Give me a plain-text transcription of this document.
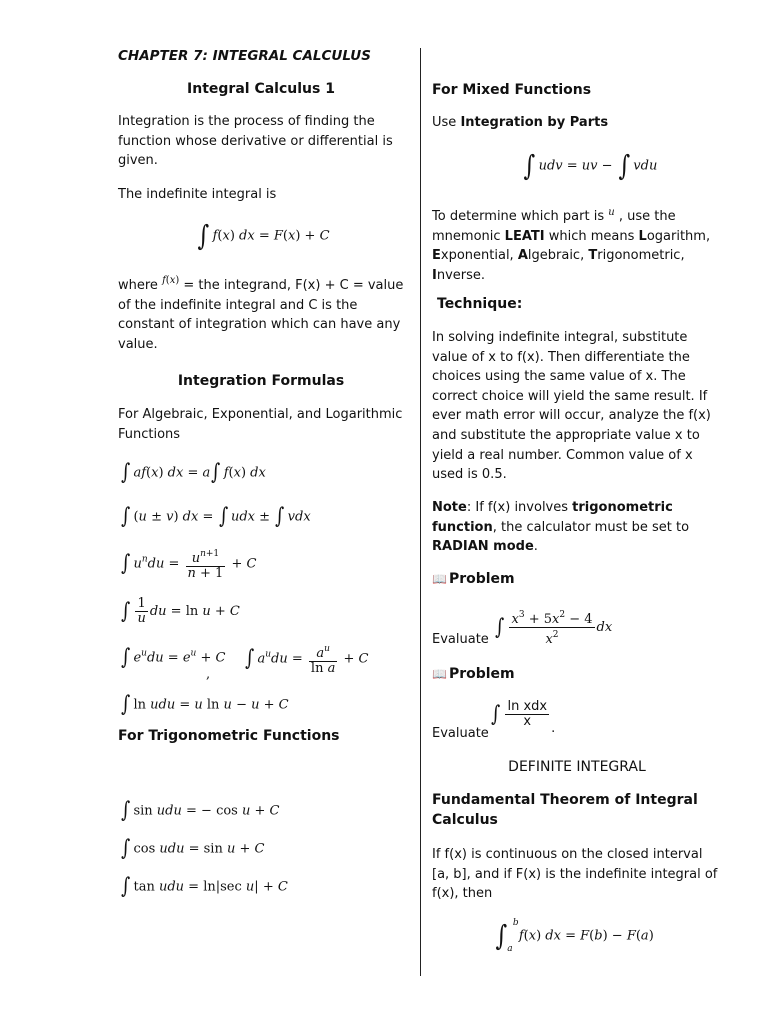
CHAPTER 7: INTEGRAL CALCULUS
Integral Calculus 1
Integration is the process of finding the function whose derivative or differential is given.
The indefinite integral is
∫ f(x) dx = F(x) + C
where $^{f(x)}$ = the integrand, F(x) + C = value of the indefinite integral and C is the constant of integration which can have any value.
Integration Formulas
For Algebraic, Exponential, and Logarithmic Functions
∫ af(x) dx = a∫ f(x) dx
∫ (u ± v) dx = ∫ udx ± ∫ vdx
∫ $u^ndu = \frac{u^{n+1}}{n + 1} + C$
∫ $\frac{1}{u}$ du = ln u + C
∫ $e^udu = e^u + C$
,
∫ $a^udu = \frac{a^u}{\text{ln a}} + C$
∫ ln udu = u ln u − u + C
For Trigonometric Functions
∫ sin udu = − cos u + C
∫ cos udu = sin u + C
∫ tan udu = ln|sec u| + C
For Mixed Functions
Use Integration by Parts
∫ udv = uv − ∫ vdu
To determine which part is $^u$ , use the mnemonic LEATI which means Logarithm, Exponential, Algebraic, Trigonometric, Inverse.
Technique:
In solving indefinite integral, substitute value of x to f(x). Then differentiate the choices using the same value of x. The correct choice will yield the same result. If ever math error will occur, analyze the f(x) and substitute the appropriate value x to yield a real number. Common value of x used is 0.5.
Note: If f(x) involves trigonometric function, the calculator must be set to RADIAN mode.
📖 Problem
Evaluate ∫ $\frac{x^3 + 5x^2 - 4}{x^2}$ dx
📖 Problem
Evaluate
∫ $\frac{\text{ln xdx}}{x}$ .
DEFINITE INTEGRAL
Fundamental Theorem of Integral Calculus
If f(x) is continuous on the closed interval [a, b], and if F(x) is the indefinite integral of f(x), then
∫ b
a
f(x) dx = F(b) − F(a)
